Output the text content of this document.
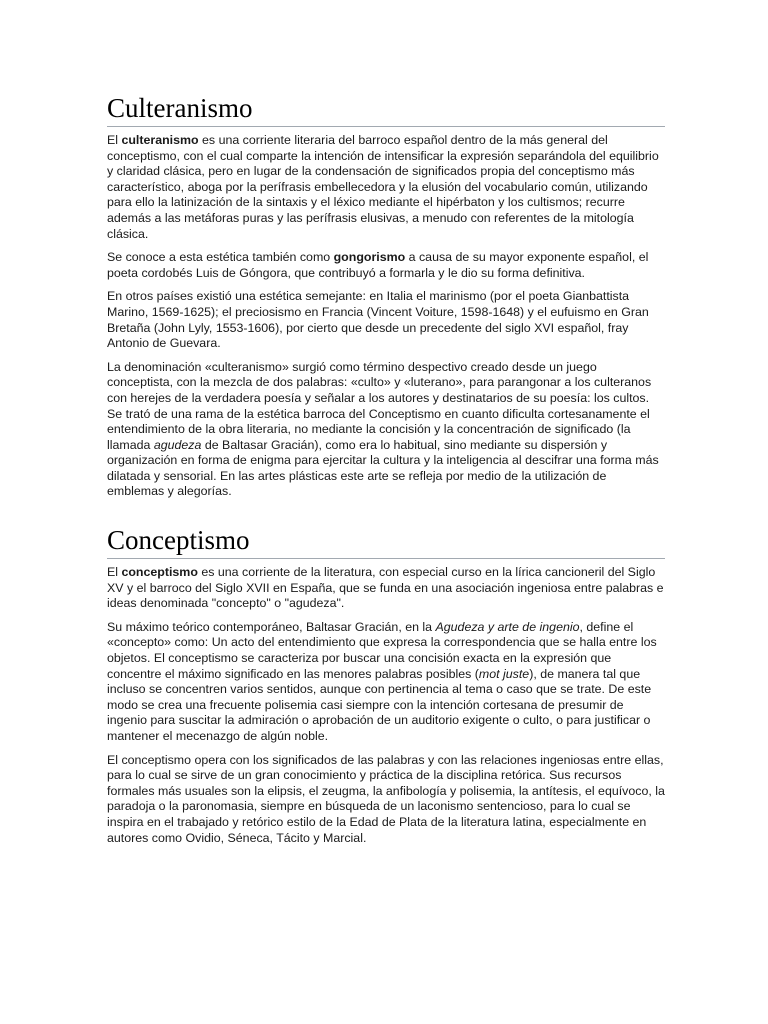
Culteranismo

El culteranismo es una corriente literaria del barroco español dentro de la más general del conceptismo, con el cual comparte la intención de intensificar la expresión separándola del equilibrio y claridad clásica, pero en lugar de la condensación de significados propia del conceptismo más característico, aboga por la perífrasis embellecedora y la elusión del vocabulario común, utilizando para ello la latinización de la sintaxis y el léxico mediante el hipérbaton y los cultismos; recurre además a las metáforas puras y las perífrasis elusivas, a menudo con referentes de la mitología clásica.

Se conoce a esta estética también como gongorismo a causa de su mayor exponente español, el poeta cordobés Luis de Góngora, que contribuyó a formarla y le dio su forma definitiva.

En otros países existió una estética semejante: en Italia el marinismo (por el poeta Gianbattista Marino, 1569-1625); el preciosismo en Francia (Vincent Voiture, 1598-1648) y el eufuismo en Gran Bretaña (John Lyly, 1553-1606), por cierto que desde un precedente del siglo XVI español, fray Antonio de Guevara.

La denominación «culteranismo» surgió como término despectivo creado desde un juego conceptista, con la mezcla de dos palabras: «culto» y «luterano», para parangonar a los culteranos con herejes de la verdadera poesía y señalar a los autores y destinatarios de su poesía: los cultos. Se trató de una rama de la estética barroca del Conceptismo en cuanto dificulta cortesanamente el entendimiento de la obra literaria, no mediante la concisión y la concentración de significado (la llamada agudeza de Baltasar Gracián), como era lo habitual, sino mediante su dispersión y organización en forma de enigma para ejercitar la cultura y la inteligencia al descifrar una forma más dilatada y sensorial. En las artes plásticas este arte se refleja por medio de la utilización de emblemas y alegorías.

Conceptismo

El conceptismo es una corriente de la literatura, con especial curso en la lírica cancioneril del Siglo XV y el barroco del Siglo XVII en España, que se funda en una asociación ingeniosa entre palabras e ideas denominada "concepto" o "agudeza".

Su máximo teórico contemporáneo, Baltasar Gracián, en la Agudeza y arte de ingenio, define el «concepto» como: Un acto del entendimiento que expresa la correspondencia que se halla entre los objetos. El conceptismo se caracteriza por buscar una concisión exacta en la expresión que concentre el máximo significado en las menores palabras posibles (mot juste), de manera tal que incluso se concentren varios sentidos, aunque con pertinencia al tema o caso que se trate. De este modo se crea una frecuente polisemia casi siempre con la intención cortesana de presumir de ingenio para suscitar la admiración o aprobación de un auditorio exigente o culto, o para justificar o mantener el mecenazgo de algún noble.

El conceptismo opera con los significados de las palabras y con las relaciones ingeniosas entre ellas, para lo cual se sirve de un gran conocimiento y práctica de la disciplina retórica. Sus recursos formales más usuales son la elipsis, el zeugma, la anfibología y polisemia, la antítesis, el equívoco, la paradoja o la paronomasia, siempre en búsqueda de un laconismo sentencioso, para lo cual se inspira en el trabajado y retórico estilo de la Edad de Plata de la literatura latina, especialmente en autores como Ovidio, Séneca, Tácito y Marcial.
